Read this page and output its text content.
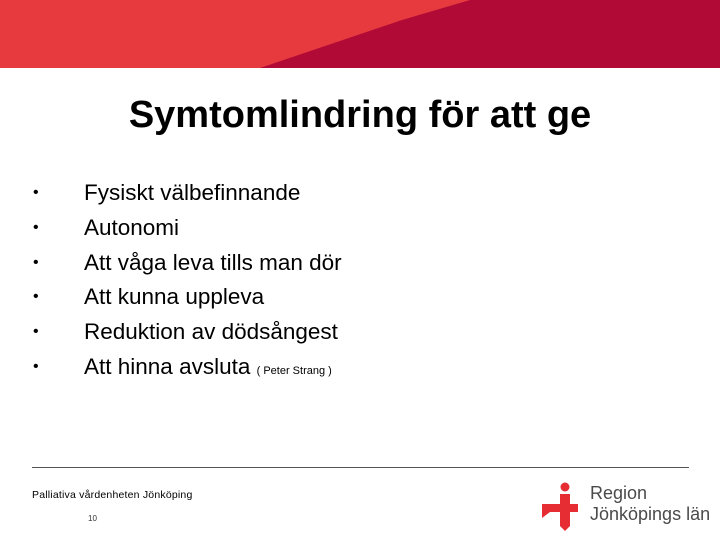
Symtomlindring för att ge
• Fysiskt välbefinnande
• Autonomi
• Att våga leva tills man dör
• Att kunna uppleva
• Reduktion av dödsångest
• Att hinna avsluta ( Peter Strang )
Palliativa vårdenheten Jönköping
10
Region
Jönköpings län
